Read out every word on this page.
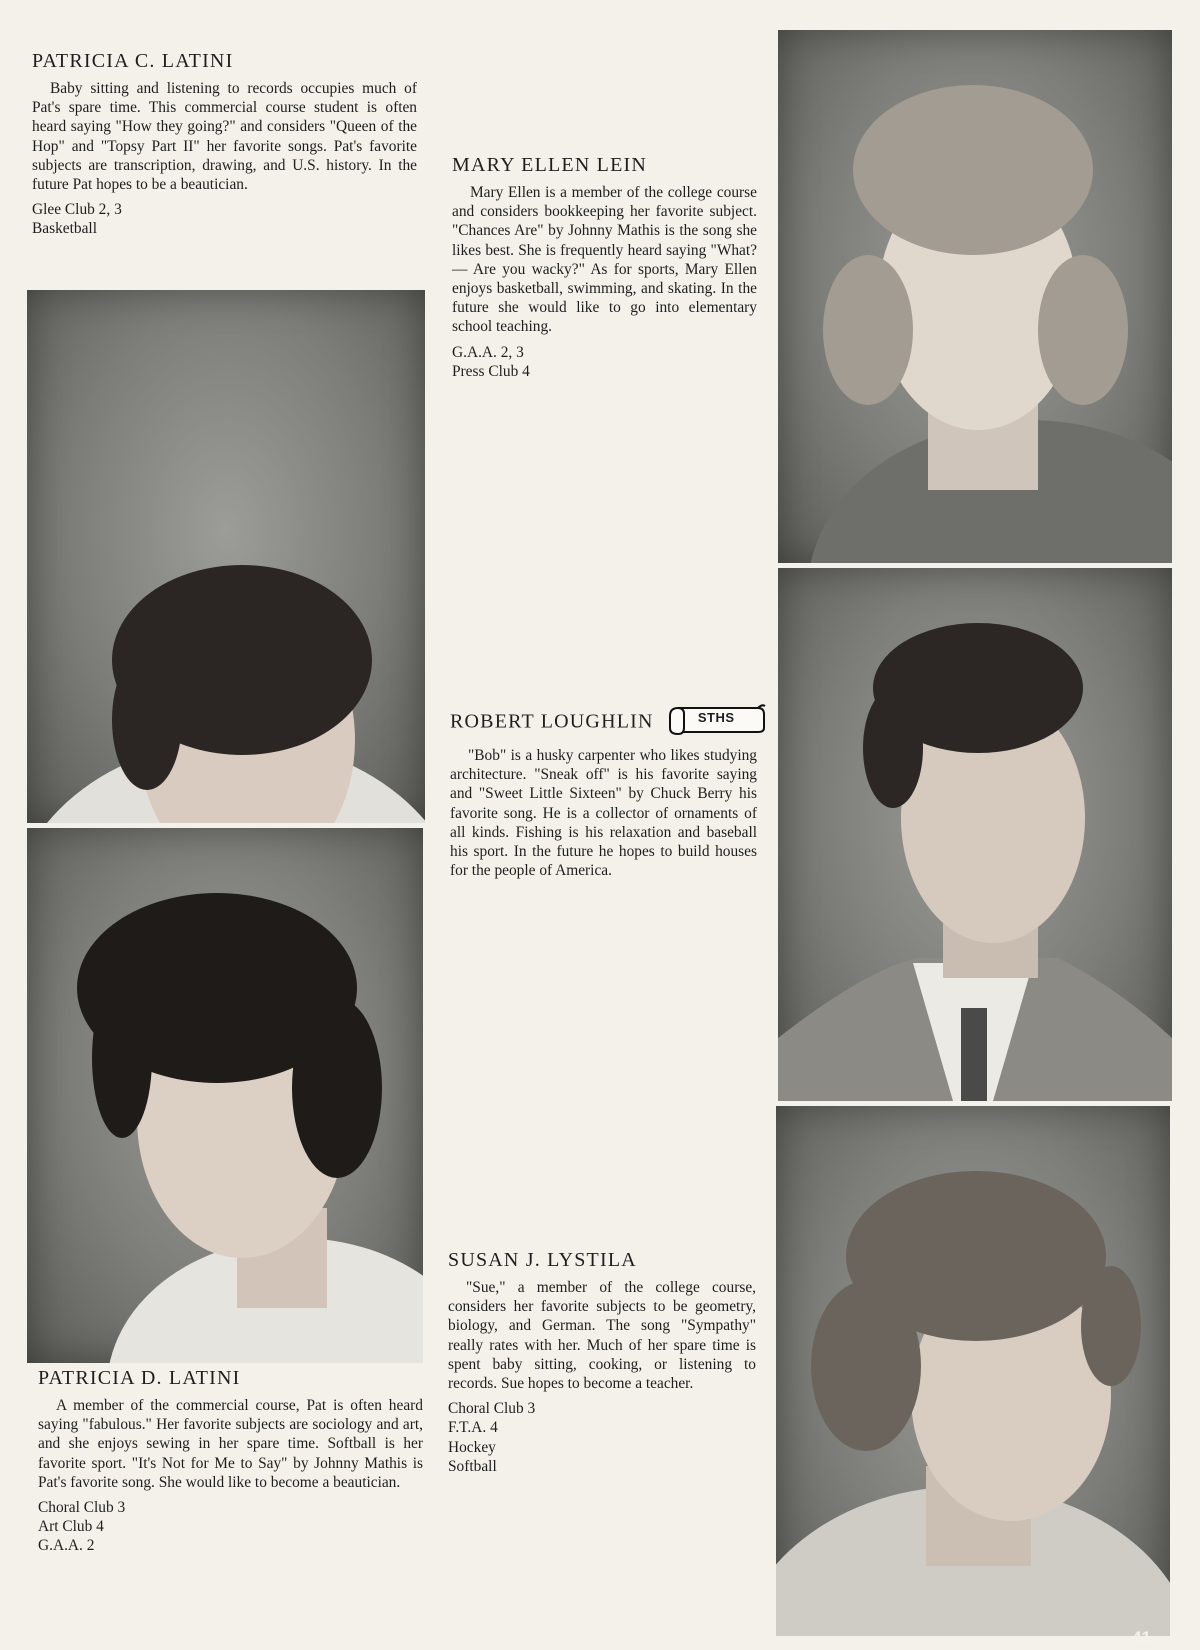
PATRICIA C. LATINI

Baby sitting and listening to records occupies much of Pat's spare time. This commercial course student is often heard saying "How they going?" and considers "Queen of the Hop" and "Topsy Part II" her favorite songs. Pat's favorite subjects are transcription, drawing, and U.S. history. In the future Pat hopes to be a beautician.

Glee Club 2, 3
Basketball
PATRICIA D. LATINI

A member of the commercial course, Pat is often heard saying "fabulous." Her favorite subjects are sociology and art, and she enjoys sewing in her spare time. Softball is her favorite sport. "It's Not for Me to Say" by Johnny Mathis is Pat's favorite song. She would like to become a beautician.

Choral Club 3
Art Club 4
G.A.A. 2
MARY ELLEN LEIN

Mary Ellen is a member of the college course and considers bookkeeping her favorite subject. "Chances Are" by Johnny Mathis is the song she likes best. She is frequently heard saying "What? — Are you wacky?" As for sports, Mary Ellen enjoys basketball, swimming, and skating. In the future she would like to go into elementary school teaching.

G.A.A. 2, 3
Press Club 4
ROBERT LOUGHLIN	STHS

"Bob" is a husky carpenter who likes studying architecture. "Sneak off" is his favorite saying and "Sweet Little Sixteen" by Chuck Berry his favorite song. He is a collector of ornaments of all kinds. Fishing is his relaxation and baseball his sport. In the future he hopes to build houses for the people of America.

SUSAN J. LYSTILA

"Sue," a member of the college course, considers her favorite subjects to be geometry, biology, and German. The song "Sympathy" really rates with her. Much of her spare time is spent baby sitting, cooking, or listening to records. Sue hopes to become a teacher.

Choral Club 3
F.T.A. 4
Hockey
Softball
41
